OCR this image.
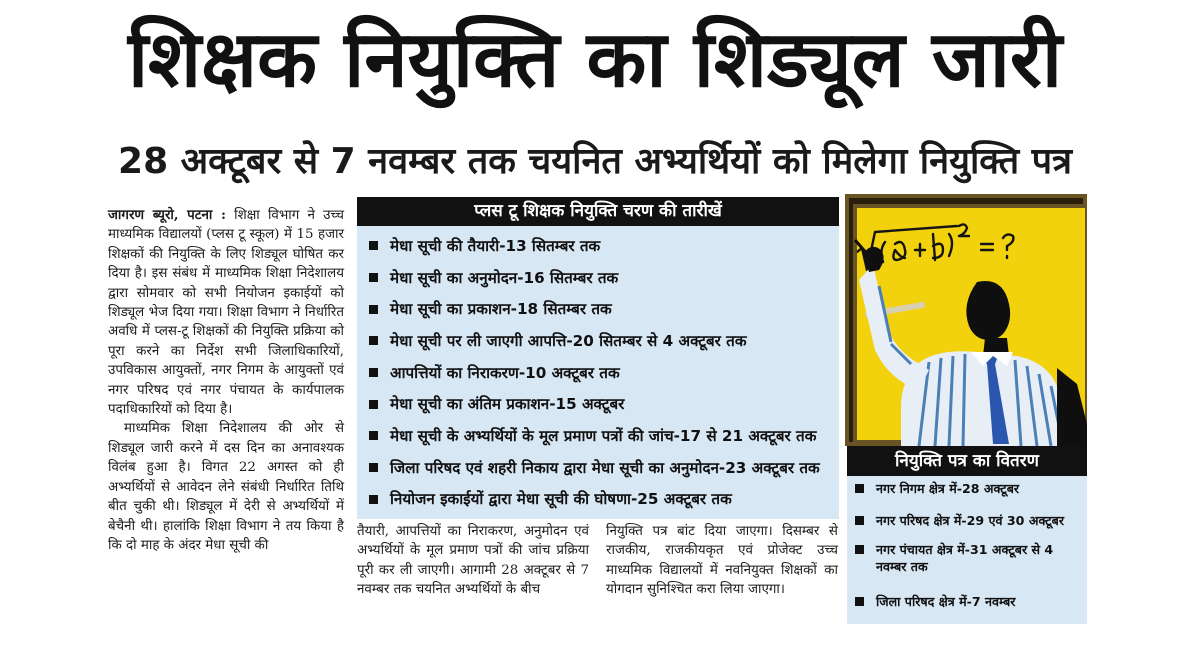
शिक्षक नियुक्ति का शिड्यूल जारी
28 अक्टूबर से 7 नवम्बर तक चयनित अभ्यर्थियों को मिलेगा नियुक्ति पत्र

जागरण ब्यूरो, पटना : शिक्षा विभाग ने उच्च माध्यमिक विद्यालयों (प्लस टू स्कूल) में 15 हजार शिक्षकों की नियुक्ति के लिए शिड्यूल घोषित कर दिया है। इस संबंध में माध्यमिक शिक्षा निदेशालय द्वारा सोमवार को सभी नियोजन इकाईयों को शिड्यूल भेज दिया गया। शिक्षा विभाग ने निर्धारित अवधि में प्लस-टू शिक्षकों की नियुक्ति प्रक्रिया को पूरा करने का निर्देश सभी जिलाधिकारियों, उपविकास आयुक्तों, नगर निगम के आयुक्तों एवं नगर परिषद एवं नगर पंचायत के कार्यपालक पदाधिकारियों को दिया है।

माध्यमिक शिक्षा निदेशालय की ओर से शिड्यूल जारी करने में दस दिन का अनावश्यक विलंब हुआ है। विगत 22 अगस्त को ही अभ्यर्थियों से आवेदन लेने संबंधी निर्धारित तिथि बीत चुकी थी। शिड्यूल में देरी से अभ्यर्थियों में बेचैनी थी। हालांकि शिक्षा विभाग ने तय किया है कि दो माह के अंदर मेधा सूची की

प्लस टू शिक्षक नियुक्ति चरण की तारीखें
मेधा सूची की तैयारी-13 सितम्बर तक
मेधा सूची का अनुमोदन-16 सितम्बर तक
मेधा सूची का प्रकाशन-18 सितम्बर तक
मेधा सूची पर ली जाएगी आपत्ति-20 सितम्बर से 4 अक्टूबर तक
आपत्तियों का निराकरण-10 अक्टूबर तक
मेधा सूची का अंतिम प्रकाशन-15 अक्टूबर
मेधा सूची के अभ्यर्थियों के मूल प्रमाण पत्रों की जांच-17 से 21 अक्टूबर तक
जिला परिषद एवं शहरी निकाय द्वारा मेधा सूची का अनुमोदन-23 अक्टूबर तक
नियोजन इकाईयों द्वारा मेधा सूची की घोषणा-25 अक्टूबर तक
तैयारी, आपत्तियों का निराकरण, अनुमोदन एवं अभ्यर्थियों के मूल प्रमाण पत्रों की जांच प्रक्रिया पूरी कर ली जाएगी। आगामी 28 अक्टूबर से 7 नवम्बर तक चयनित अभ्यर्थियों के बीच
नियुक्ति पत्र बांट दिया जाएगा। दिसम्बर से राजकीय, राजकीयकृत एवं प्रोजेक्ट उच्च माध्यमिक विद्यालयों में नवनियुक्त शिक्षकों का योगदान सुनिश्चित करा लिया जाएगा।
नियुक्ति पत्र का वितरण
नगर निगम क्षेत्र में-28 अक्टूबर
नगर परिषद क्षेत्र में-29 एवं 30 अक्टूबर
नगर पंचायत क्षेत्र में-31 अक्टूबर से 4 नवम्बर तक
जिला परिषद क्षेत्र में-7 नवम्बर
